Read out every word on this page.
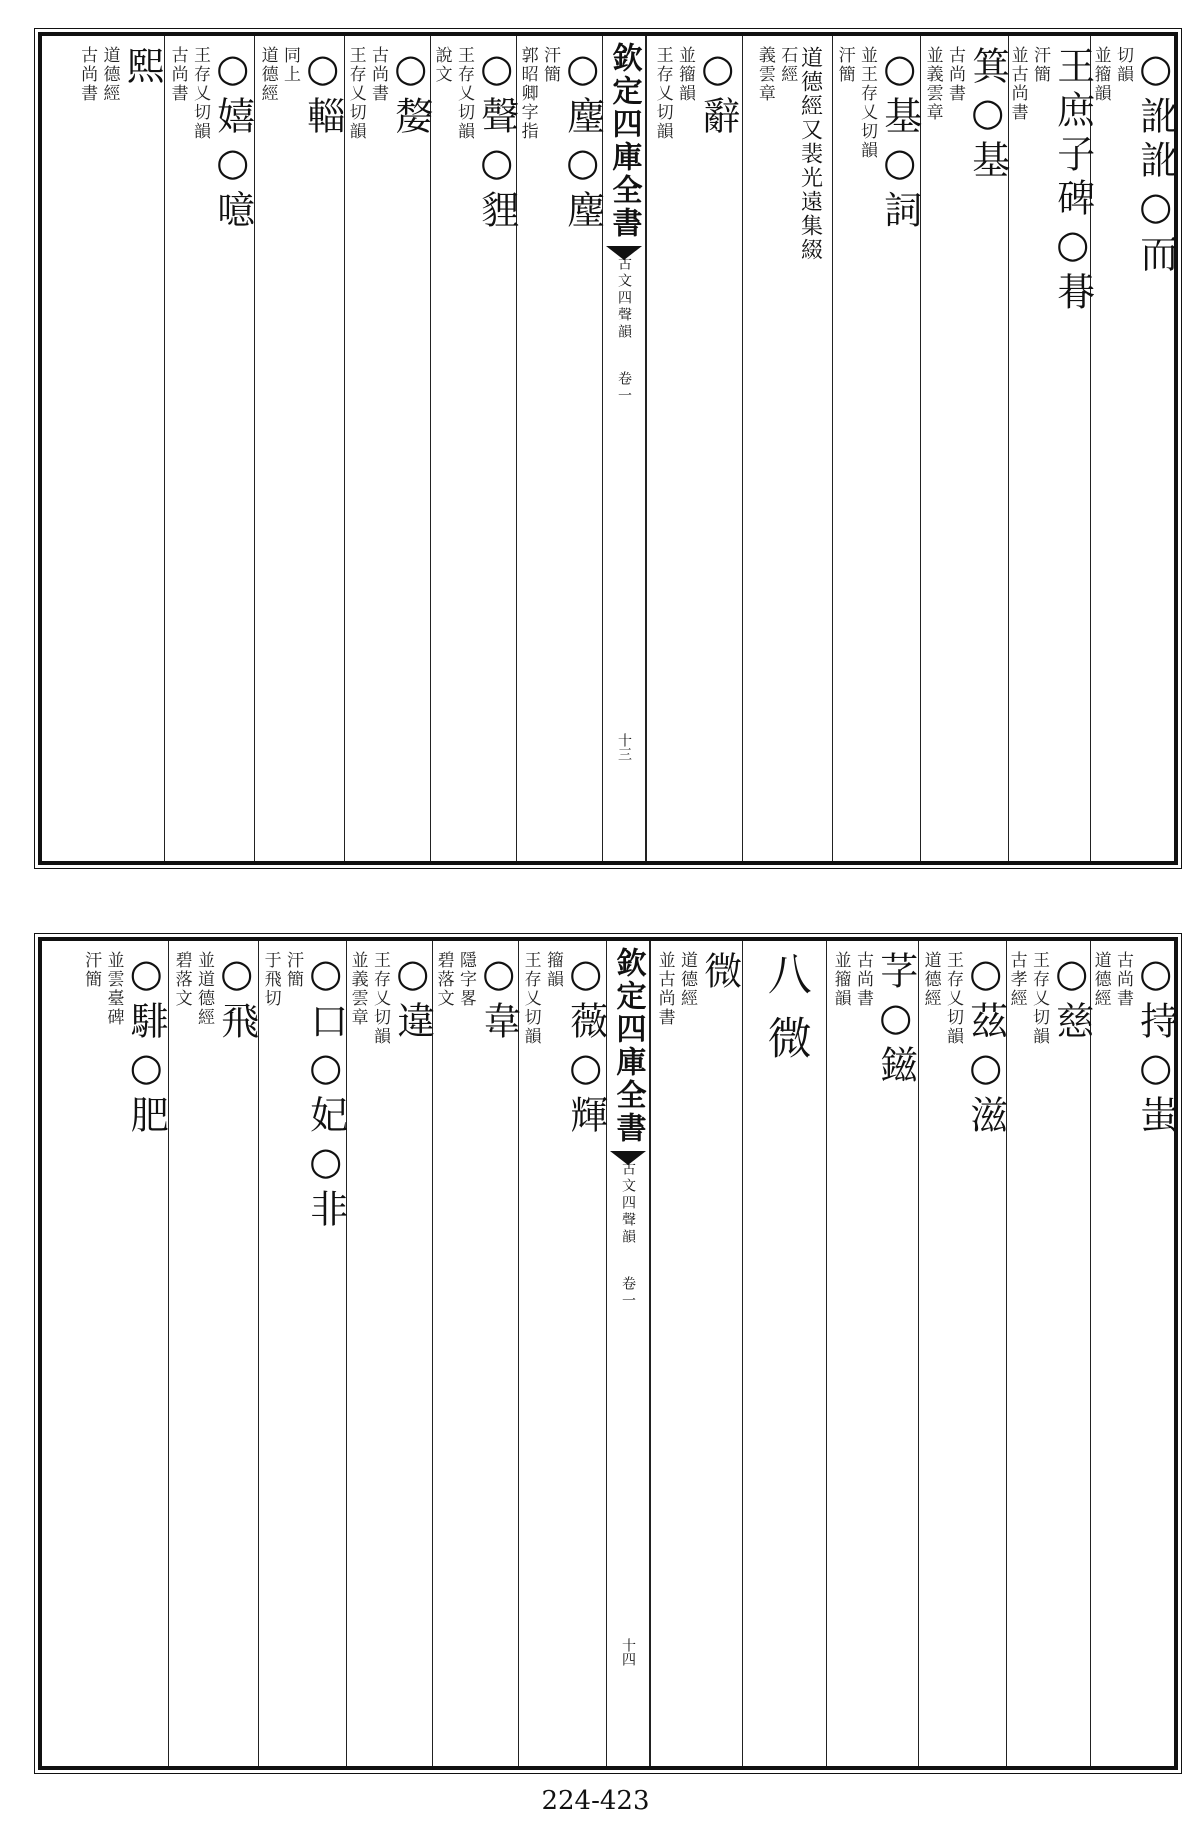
○訛訛○而
切韻
並籀韻
王庶子碑○朞
汗簡
並古尚書
箕○基
古尚書
並義雲章
○基○詞
並王存乂切韻
汗簡
道德經又裴光遠集綴
石經
義雲章
○辭
並籀韻
王存乂切韻
欽定四庫全書
古文四聲韻
卷一
十三
○麈○麈
汗簡
郭昭卿字指
○聲○貍
王存乂切韻
說文
○嫠
古尚書
王存乂切韻
○輜
同上
道德經
○嬉○噫
王存乂切韻
古尚書
熙
道德經
古尚書
○持○蚩
古尚書
道德經
○慈
王存乂切韻
古孝經
○茲○滋
王存乂切韻
道德經
芓○鎡
古尚書
並籀韻
八微
微
道德經
並古尚書
欽定四庫全書
古文四聲韻
卷一
十四
○薇○輝
籀韻
王存乂切韻
○韋
隱字畧
碧落文
○違
王存乂切韻
並義雲章
○口○妃○非
汗簡
于飛切
○飛
並道德經
碧落文
○騑○肥
並雲臺碑
汗簡
224-423
